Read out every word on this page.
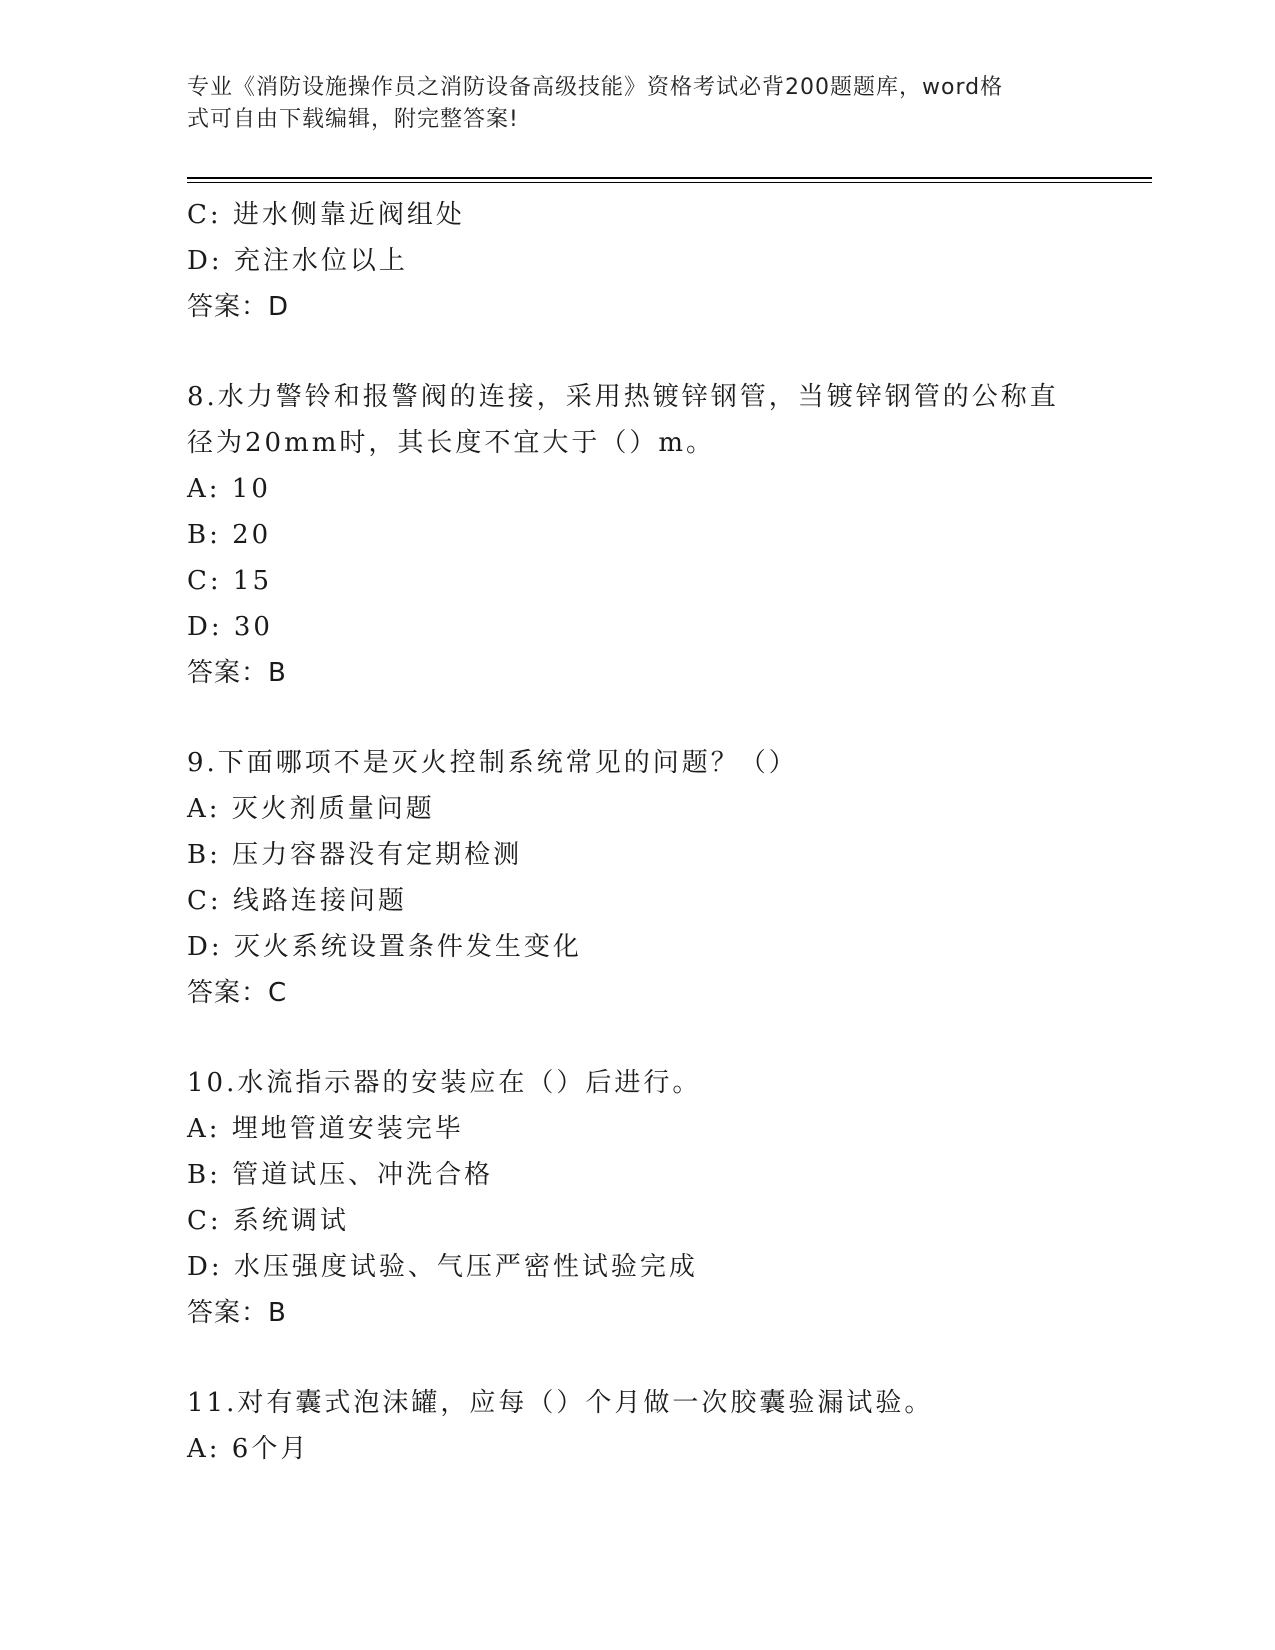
专业《消防设施操作员之消防设备高级技能》资格考试必背200题题库，word格
式可自由下载编辑，附完整答案!
C: 进水侧靠近阀组处
D: 充注水位以上
答案：D
8.水力警铃和报警阀的连接，采用热镀锌钢管，当镀锌钢管的公称直
径为20mm时，其长度不宜大于（）m。
A: 10
B: 20
C: 15
D: 30
答案：B
9.下面哪项不是灭火控制系统常见的问题？（）
A: 灭火剂质量问题
B: 压力容器没有定期检测
C: 线路连接问题
D: 灭火系统设置条件发生变化
答案：C
10.水流指示器的安装应在（）后进行。
A: 埋地管道安装完毕
B: 管道试压、冲洗合格
C: 系统调试
D: 水压强度试验、气压严密性试验完成
答案：B
11.对有囊式泡沫罐，应每（）个月做一次胶囊验漏试验。
A: 6个月
